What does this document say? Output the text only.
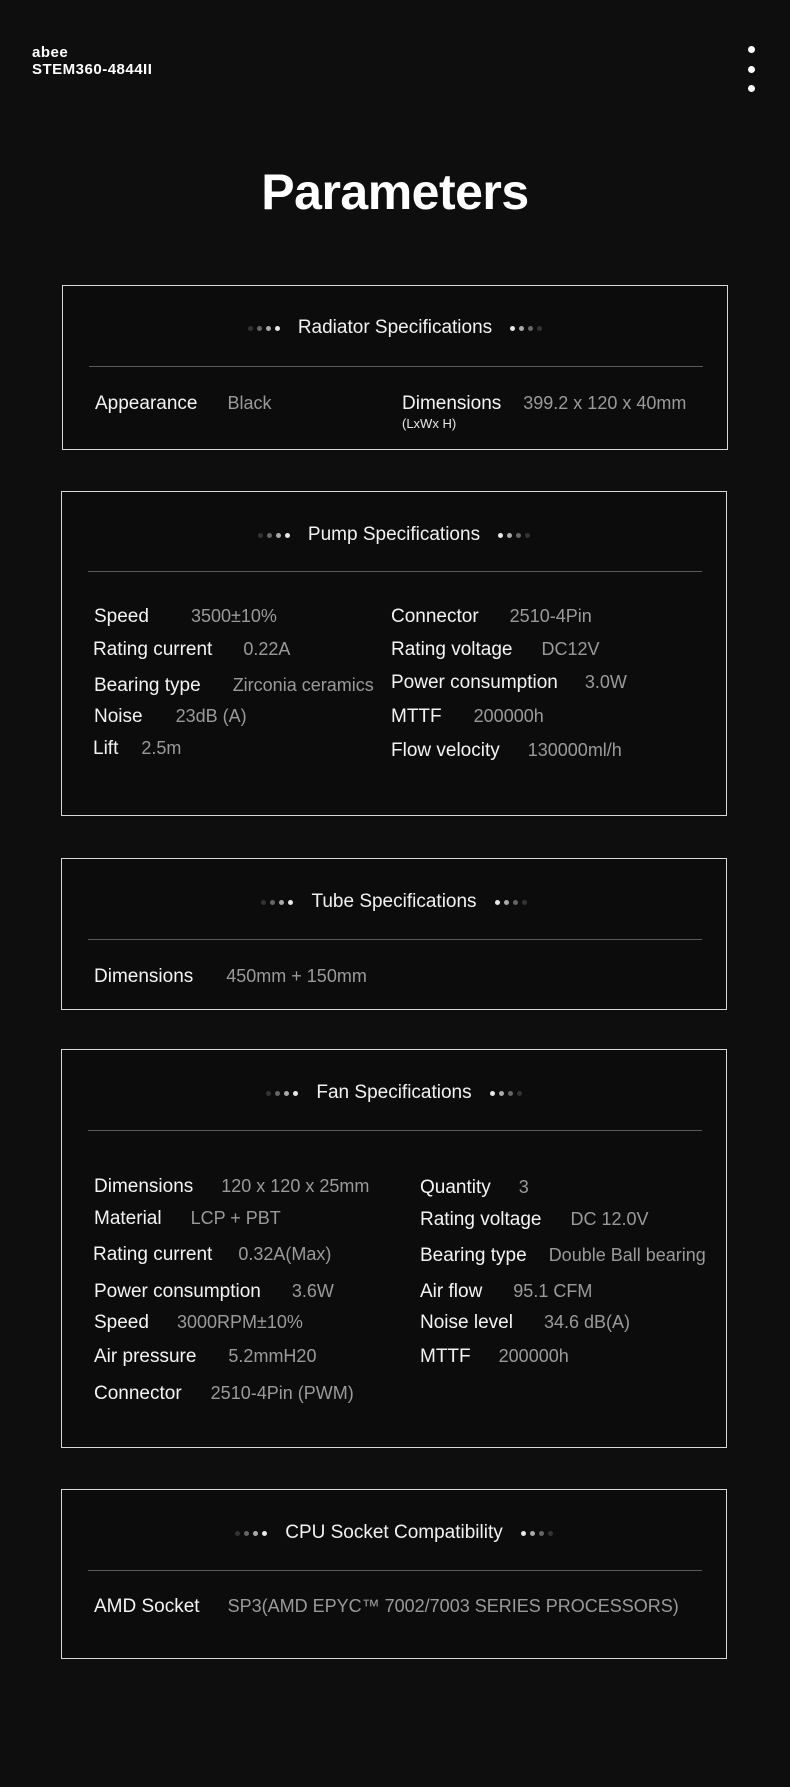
abee
STEM360-4844II
Parameters
Radiator Specifications
Appearance Black	Dimensions 399.2 x 120 x 40mm
(LxWx H)
Pump Specifications
Speed 3500±10%	Connector 2510-4Pin
Rating current 0.22A	Rating voltage DC12V
Bearing type Zirconia ceramics Power consumption 3.0W
Noise 23dB (A)	MTTF 200000h
Lift 2.5m	Flow velocity 130000ml/h
Tube Specifications
Dimensions 450mm + 150mm
Fan Specifications
Dimensions 120 x 120 x 25mm	Quantity 3
Material LCP + PBT	Rating voltage DC 12.0V
Rating current 0.32A(Max)	Bearing type Double Ball bearing
Power consumption 3.6W	Air flow 95.1 CFM
Speed 3000RPM±10%	Noise level 34.6 dB(A)
Air pressure 5.2mmH20	MTTF 200000h
Connector 2510-4Pin (PWM)
CPU Socket Compatibility
AMD Socket SP3(AMD EPYC™ 7002/7003 SERIES PROCESSORS)
